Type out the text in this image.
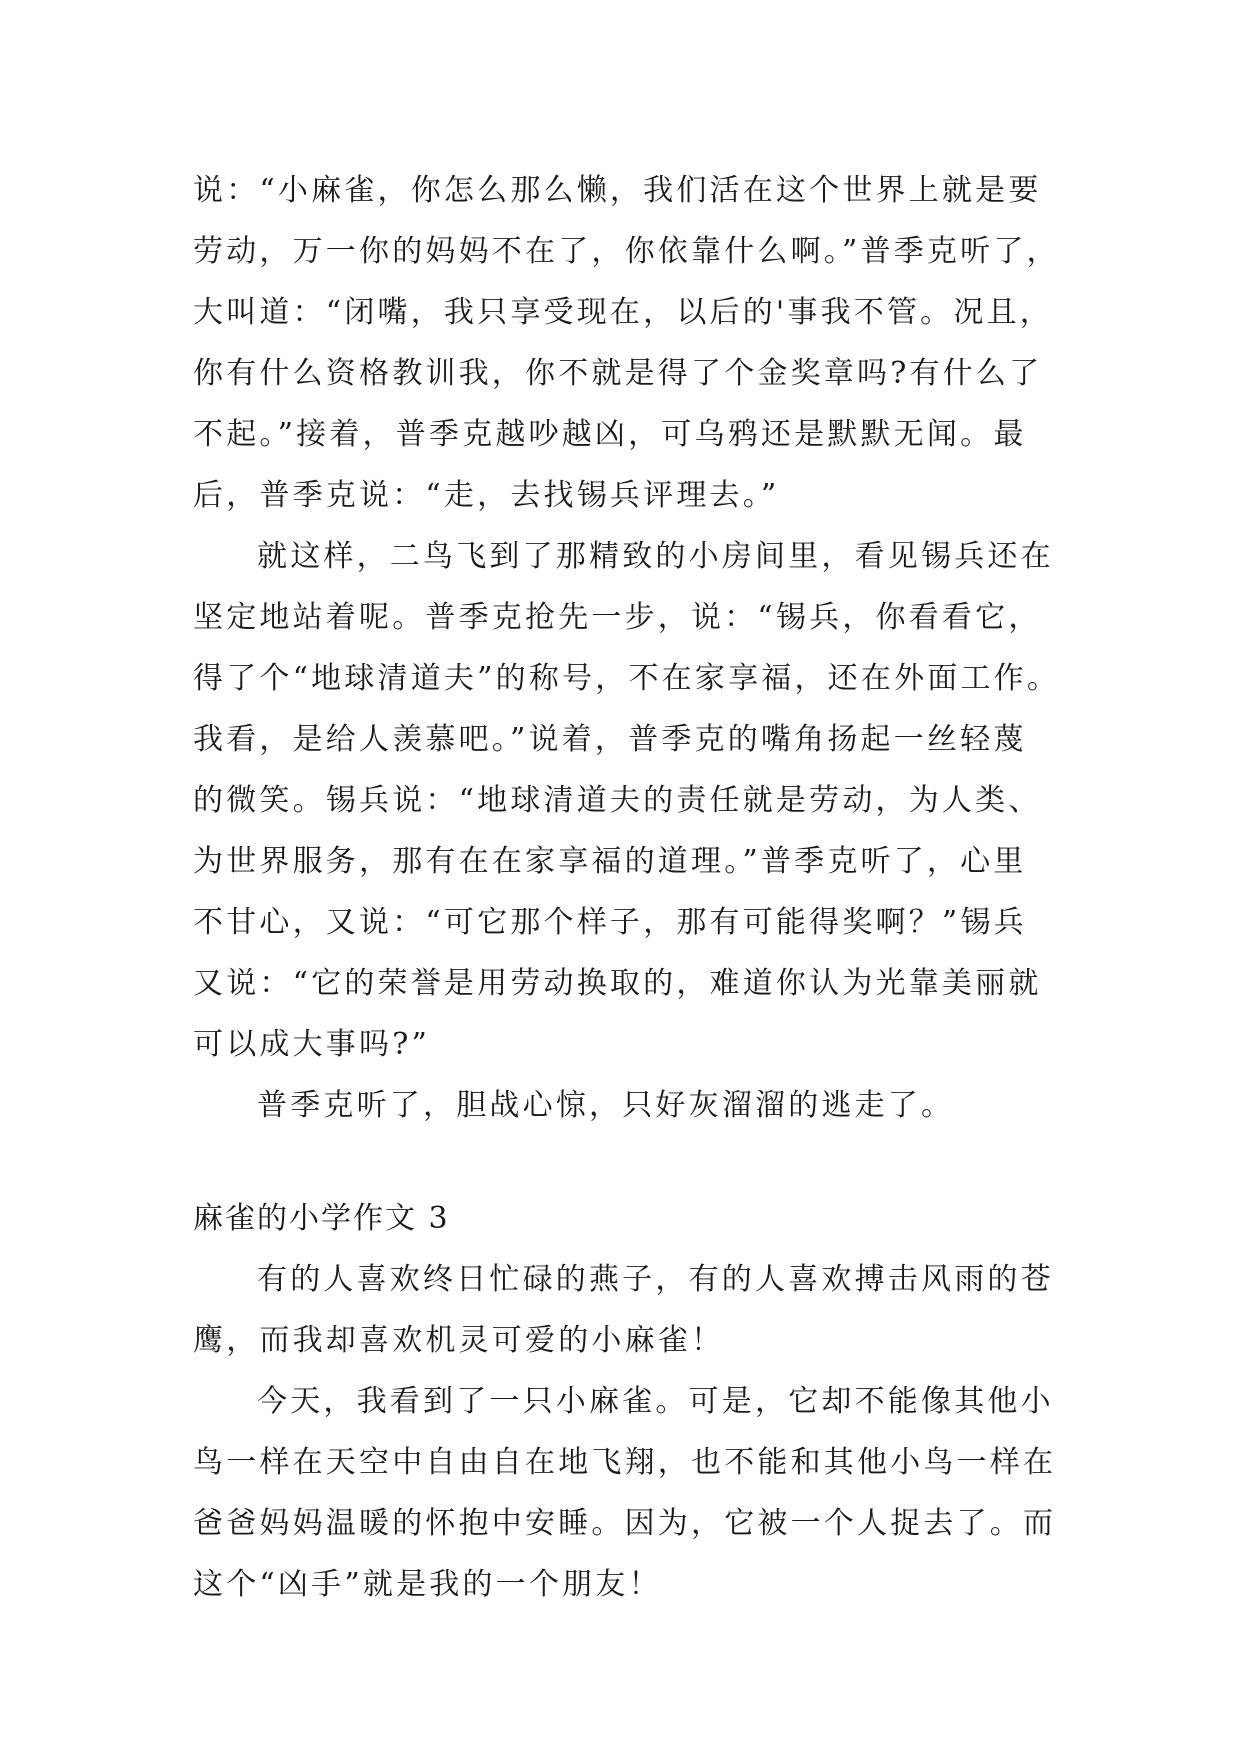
说：“小麻雀，你怎么那么懒，我们活在这个世界上就是要
劳动，万一你的妈妈不在了，你依靠什么啊。”普季克听了，
大叫道：“闭嘴，我只享受现在，以后的'事我不管。况且，
你有什么资格教训我，你不就是得了个金奖章吗?有什么了
不起。”接着，普季克越吵越凶，可乌鸦还是默默无闻。最
后，普季克说：“走，去找锡兵评理去。”
就这样，二鸟飞到了那精致的小房间里，看见锡兵还在
坚定地站着呢。普季克抢先一步，说：“锡兵，你看看它，
得了个“地球清道夫”的称号，不在家享福，还在外面工作。
我看，是给人羡慕吧。”说着，普季克的嘴角扬起一丝轻蔑
的微笑。锡兵说：“地球清道夫的责任就是劳动，为人类、
为世界服务，那有在在家享福的道理。”普季克听了，心里
不甘心，又说：“可它那个样子，那有可能得奖啊？”锡兵
又说：“它的荣誉是用劳动换取的，难道你认为光靠美丽就
可以成大事吗?”
普季克听了，胆战心惊，只好灰溜溜的逃走了。
麻雀的小学作文 3
有的人喜欢终日忙碌的燕子，有的人喜欢搏击风雨的苍
鹰，而我却喜欢机灵可爱的小麻雀！
今天，我看到了一只小麻雀。可是，它却不能像其他小
鸟一样在天空中自由自在地飞翔，也不能和其他小鸟一样在
爸爸妈妈温暖的怀抱中安睡。因为，它被一个人捉去了。而
这个“凶手”就是我的一个朋友！
